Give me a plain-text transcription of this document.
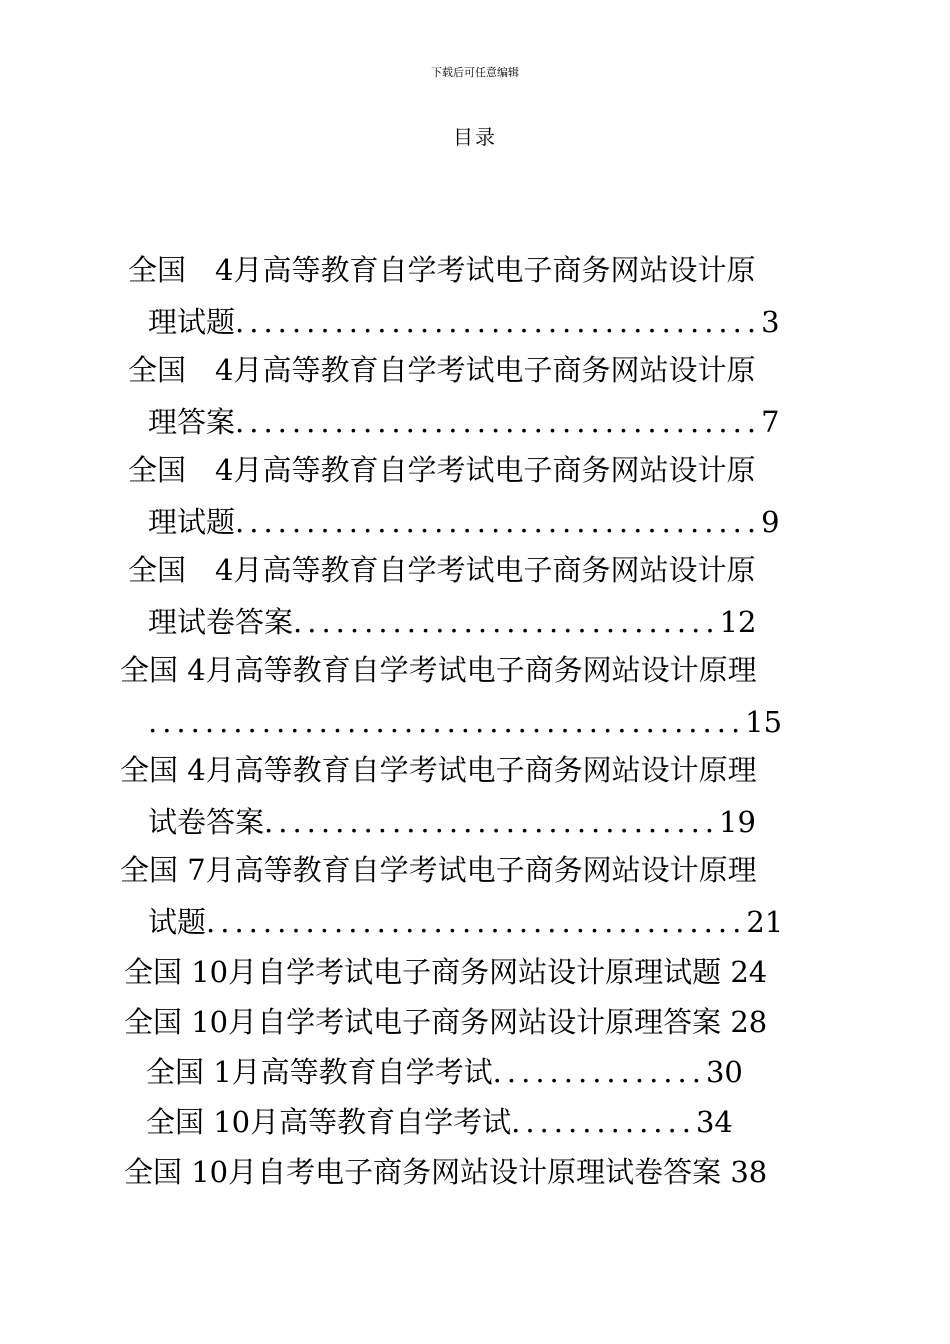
下载后可任意编辑
目录
全国　4月高等教育自学考试电子商务网站设计原
理试题.....................................3
全国　4月高等教育自学考试电子商务网站设计原
理答案.....................................7
全国　4月高等教育自学考试电子商务网站设计原
理试题.....................................9
全国　4月高等教育自学考试电子商务网站设计原
理试卷答案..............................12
全国 4月高等教育自学考试电子商务网站设计原理
..........................................15
全国 4月高等教育自学考试电子商务网站设计原理
试卷答案................................19
全国 7月高等教育自学考试电子商务网站设计原理
试题......................................21
全国 10月自学考试电子商务网站设计原理试题 24
全国 10月自学考试电子商务网站设计原理答案 28
全国 1月高等教育自学考试...............30
全国 10月高等教育自学考试.............34
全国 10月自考电子商务网站设计原理试卷答案 38
